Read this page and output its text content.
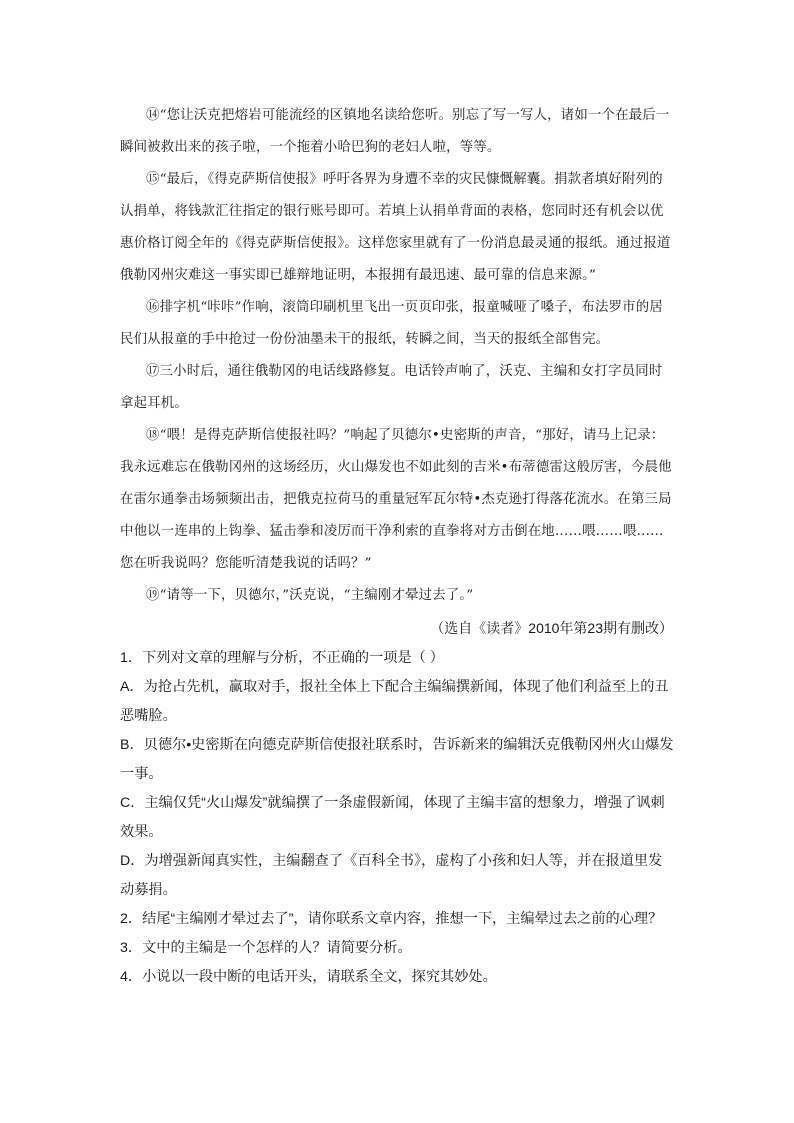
⑭“您让沃克把熔岩可能流经的区镇地名读给您听。别忘了写一写人，诸如一个在最后一瞬间被救出来的孩子啦，一个拖着小哈巴狗的老妇人啦，等等。

⑮“最后，《得克萨斯信使报》呼吁各界为身遭不幸的灾民慷慨解囊。捐款者填好附列的认捐单，将钱款汇往指定的银行账号即可。若填上认捐单背面的表格，您同时还有机会以优惠价格订阅全年的《得克萨斯信使报》。这样您家里就有了一份消息最灵通的报纸。通过报道俄勒冈州灾难这一事实即已雄辩地证明，本报拥有最迅速、最可靠的信息来源。”

⑯排字机“咔咔”作响，滚筒印刷机里飞出一页页印张，报童喊哑了嗓子，布法罗市的居民们从报童的手中抢过一份份油墨未干的报纸，转瞬之间，当天的报纸全部售完。

⑰三小时后，通往俄勒冈的电话线路修复。电话铃声响了，沃克、主编和女打字员同时拿起耳机。

⑱“喂！是得克萨斯信使报社吗？”响起了贝德尔•史密斯的声音，“那好，请马上记录：我永远难忘在俄勒冈州的这场经历，火山爆发也不如此刻的吉米•布蒂德雷这般厉害，今晨他在雷尔通拳击场频频出击，把俄克拉荷马的重量冠军瓦尔特•杰克逊打得落花流水。在第三局中他以一连串的上钩拳、猛击拳和凌厉而干净利索的直拳将对方击倒在地……喂……喂……您在听我说吗？您能听清楚我说的话吗？”

⑲“请等一下，贝德尔，”沃克说，“主编刚才晕过去了。”

（选自《读者》2010年第23期有删改）

1．下列对文章的理解与分析，不正确的一项是（ ）

A．为抢占先机，赢取对手，报社全体上下配合主编编撰新闻，体现了他们利益至上的丑恶嘴脸。

B．贝德尔•史密斯在向德克萨斯信使报社联系时，告诉新来的编辑沃克俄勒冈州火山爆发一事。

C．主编仅凭“火山爆发”就编撰了一条虚假新闻，体现了主编丰富的想象力，增强了讽刺效果。

D．为增强新闻真实性，主编翻查了《百科全书》，虚构了小孩和妇人等，并在报道里发动募捐。

2．结尾“主编刚才晕过去了”，请你联系文章内容，推想一下，主编晕过去之前的心理？

3．文中的主编是一个怎样的人？请简要分析。

4．小说以一段中断的电话开头，请联系全文，探究其妙处。
